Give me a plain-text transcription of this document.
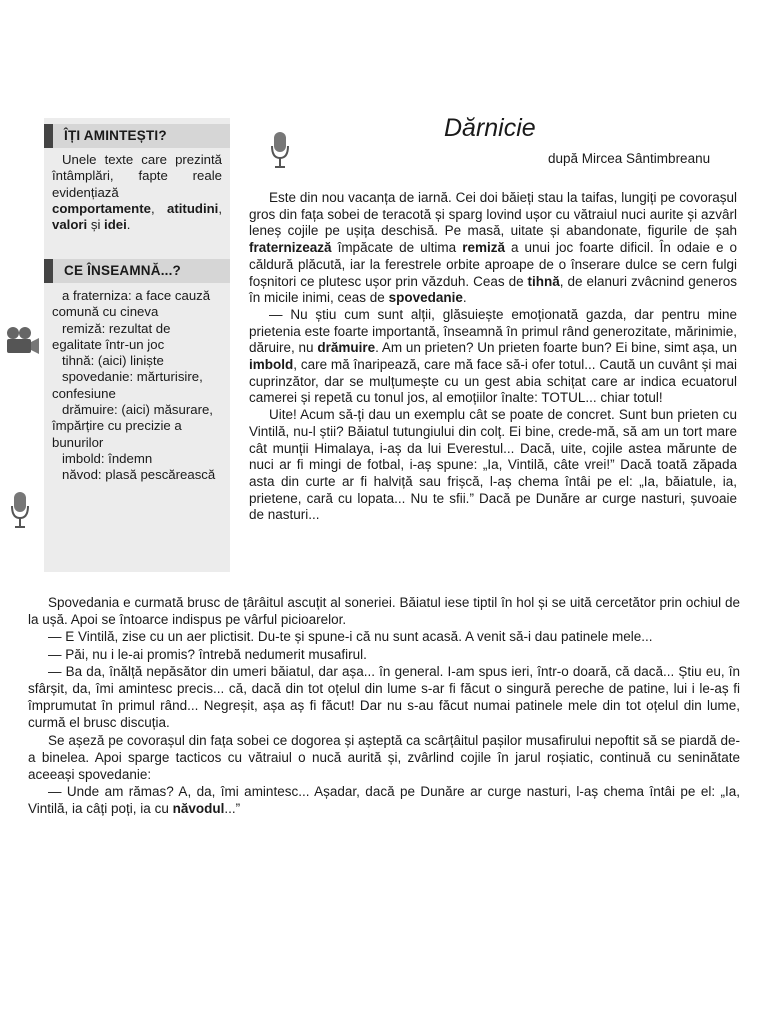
ÎȚI AMINTEȘTI?

Unele texte care prezintă întâmplări, fapte reale evidențiază comportamente, atitudini, valori și idei.

CE ÎNSEAMNĂ...?

a fraterniza: a face cauză comună cu cineva

remiză: rezultat de egalitate într-un joc

tihnă: (aici) liniște

spovedanie: mărturisire, confesiune

drămuire: (aici) măsurare, împărțire cu precizie a bunurilor

imbold: îndemn

năvod: plasă pescărească

Dărnicie
după Mircea Sântimbreanu

Este din nou vacanța de iarnă. Cei doi băieți stau la taifas, lungiți pe covorașul gros din fața sobei de teracotă și sparg lovind ușor cu vătraiul nuci aurite și azvârl leneș cojile pe ușița deschisă. Pe masă, uitate și abandonate, figurile de șah fraternizează împăcate de ultima remiză a unui joc foarte dificil. În odaie e o căldură plăcută, iar la ferestrele orbite aproape de o înserare dulce se cern fulgi foșnitori ce plutesc ușor prin văzduh. Ceas de tihnă, de elanuri zvâcnind generos în micile inimi, ceas de spovedanie.

— Nu știu cum sunt alții, glăsuiește emoționată gazda, dar pentru mine prietenia este foarte importantă, înseamnă în primul rând generozitate, mărinimie, dăruire, nu drămuire. Am un prieten? Un prieten foarte bun? Ei bine, simt așa, un imbold, care mă înaripează, care mă face să-i ofer totul... Caută un cuvânt și mai cuprinzător, dar se mulțumește cu un gest abia schițat care ar indica ecuatorul camerei și repetă cu tonul jos, al emoțiilor înalte: TOTUL... chiar totul!

Uite! Acum să-ți dau un exemplu cât se poate de concret. Sunt bun prieten cu Vintilă, nu-l știi? Băiatul tutungiului din colț. Ei bine, crede-mă, să am un tort mare cât munții Himalaya, i-aș da lui Everestul... Dacă, uite, cojile astea mărunte de nuci ar fi mingi de fotbal, i-aș spune: „Ia, Vintilă, câte vrei!” Dacă toată zăpada asta din curte ar fi halviță sau frișcă, l-aș chema întâi pe el: „Ia, băiatule, ia, prietene, cară cu lopata... Nu te sfii.” Dacă pe Dunăre ar curge nasturi, șuvoaie de nasturi...

Spovedania e curmată brusc de țârâitul ascuțit al soneriei. Băiatul iese tiptil în hol și se uită cercetător prin ochiul de la ușă. Apoi se întoarce indispus pe vârful picioarelor.

— E Vintilă, zise cu un aer plictisit. Du-te și spune-i că nu sunt acasă. A venit să-i dau patinele mele...

— Păi, nu i le-ai promis? întrebă nedumerit musafirul.

— Ba da, înălță nepăsător din umeri băiatul, dar așa... în general. I-am spus ieri, într-o doară, că dacă... Știu eu, în sfârșit, da, îmi amintesc precis... că, dacă din tot oțelul din lume s-ar fi făcut o singură pereche de patine, lui i le-aș fi împrumutat în primul rând... Negreșit, așa aș fi făcut! Dar nu s-au făcut numai patinele mele din tot oțelul din lume, curmă el brusc discuția.

Se așeză pe covorașul din fața sobei ce dogorea și așteptă ca scârțâitul pașilor musafirului nepoftit să se piardă de-a binelea. Apoi sparge tacticos cu vătraiul o nucă aurită și, zvârlind cojile în jarul roșiatic, continuă cu seninătate aceeași spovedanie:

— Unde am rămas? A, da, îmi amintesc... Așadar, dacă pe Dunăre ar curge nasturi, l-aș chema întâi pe el: „Ia, Vintilă, ia câți poți, ia cu năvodul...”
